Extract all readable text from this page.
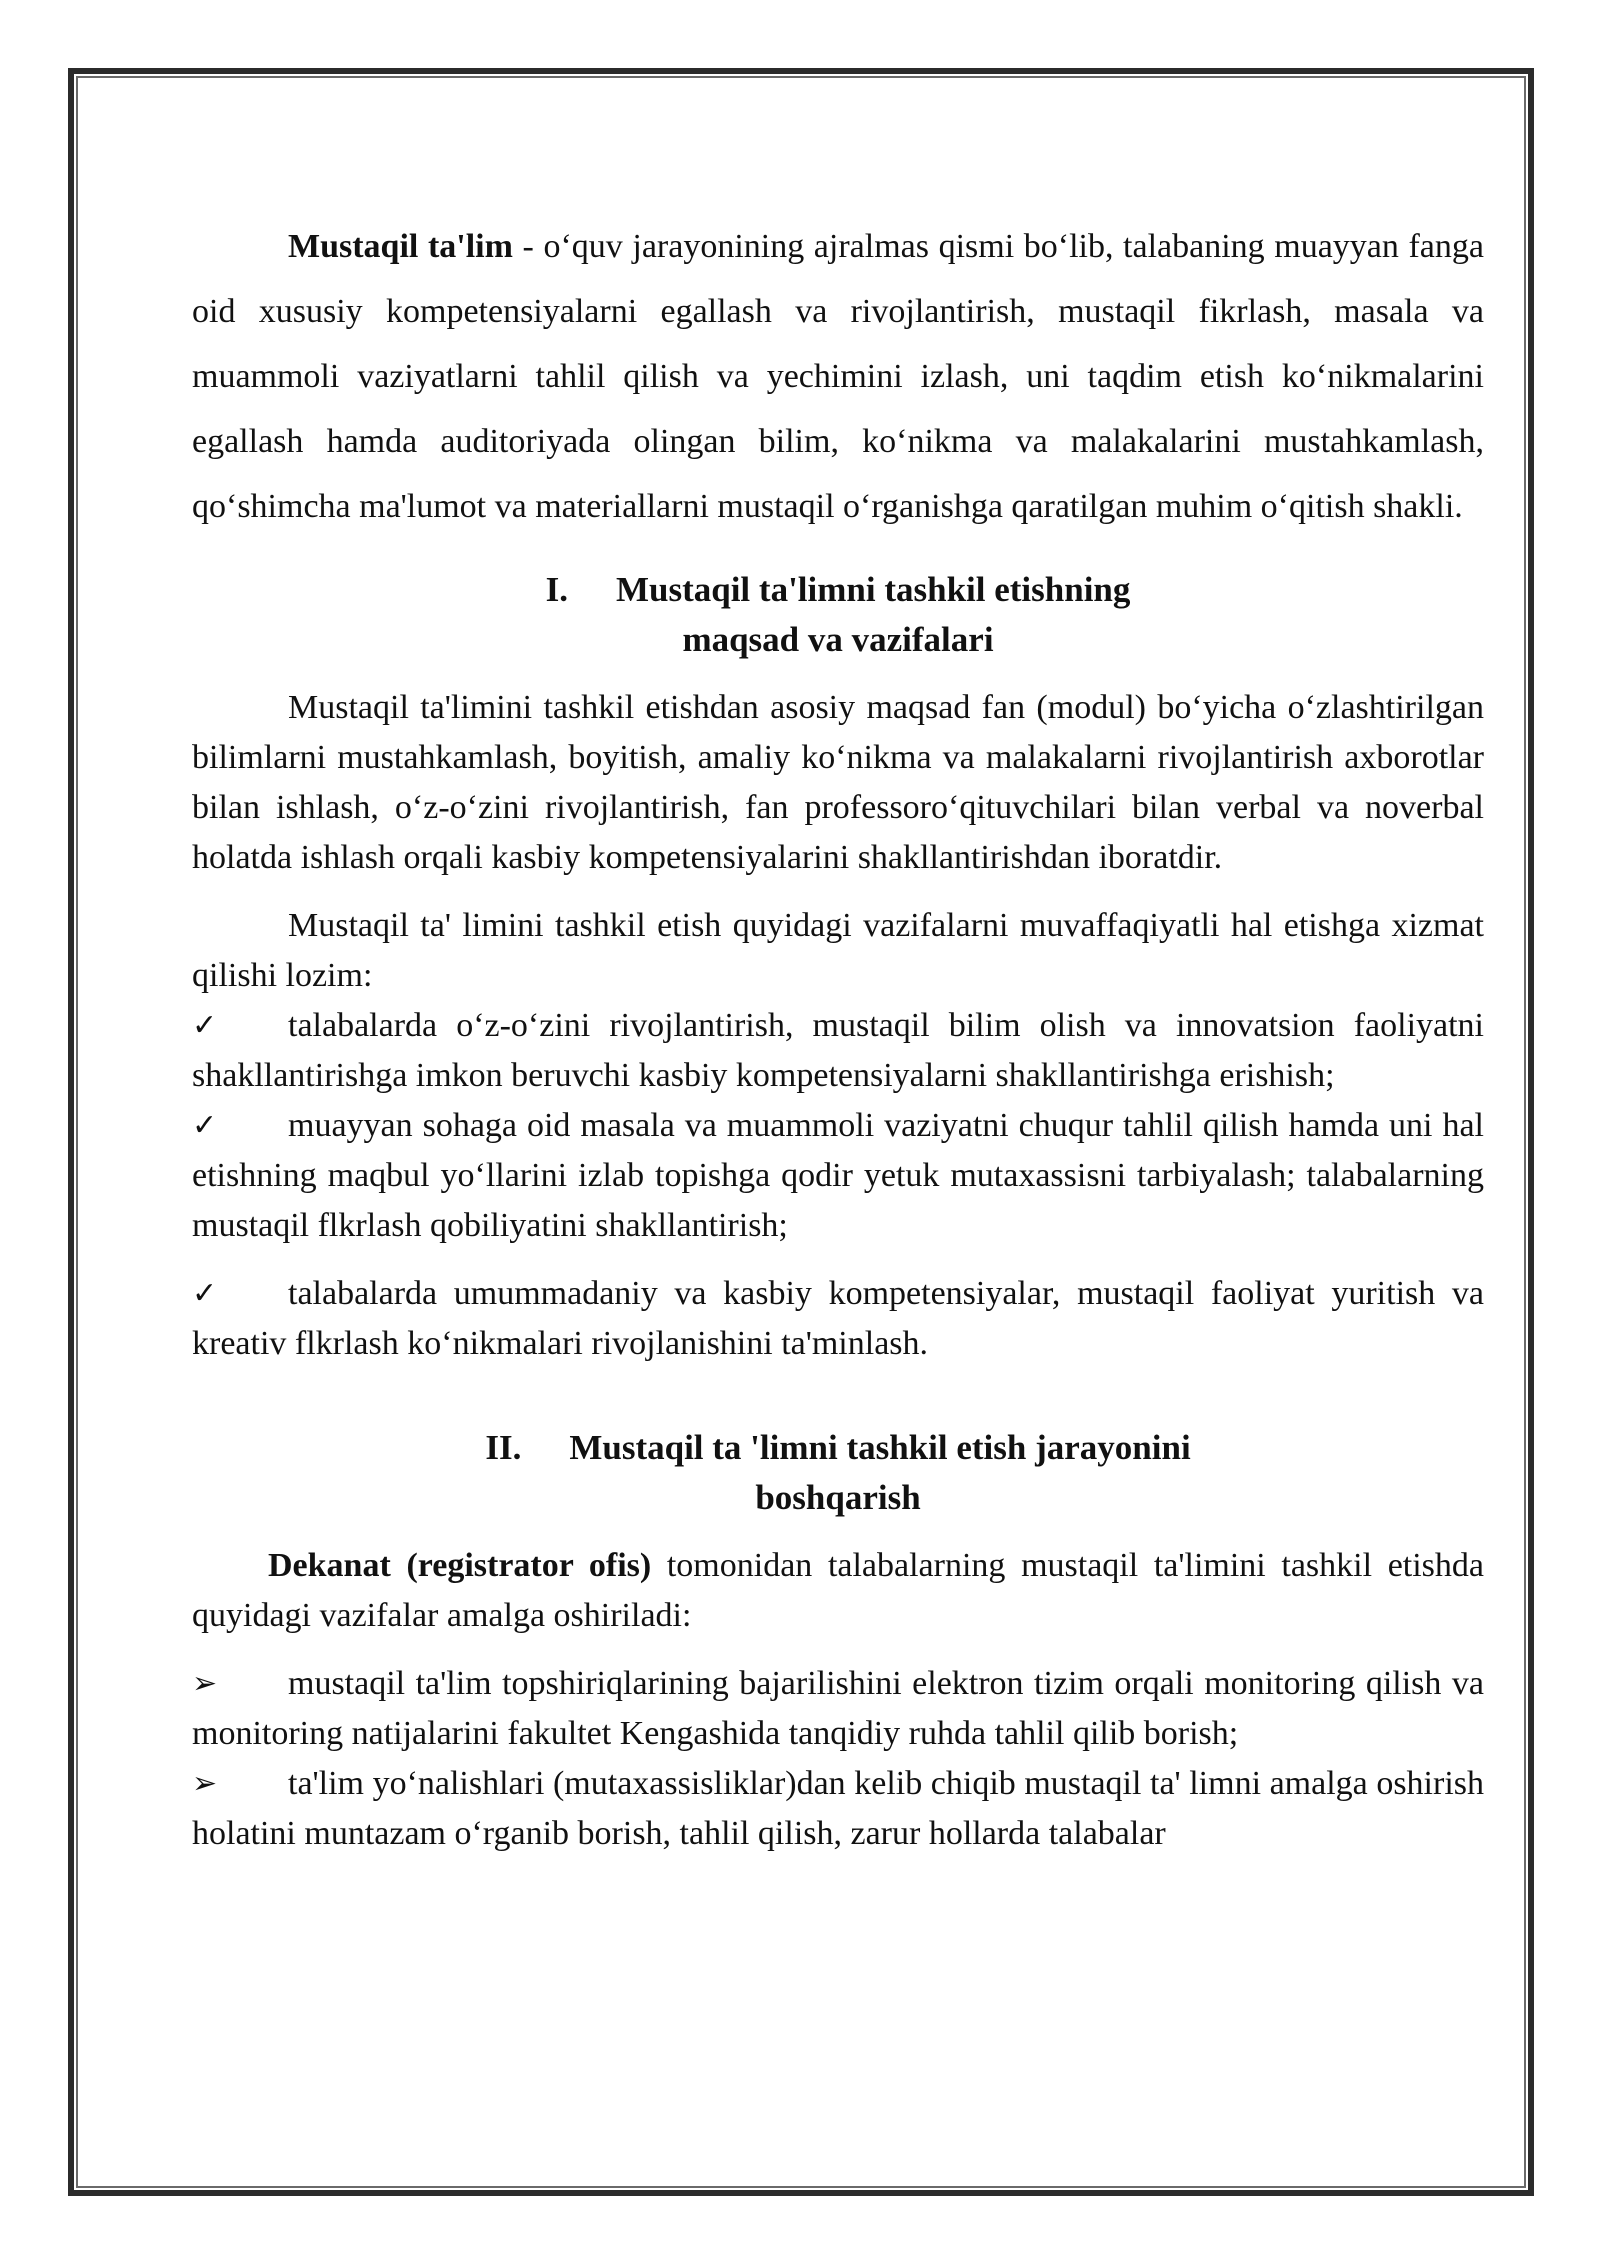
Mustaqil ta'lim - o‘quv jarayonining ajralmas qismi bo‘lib, talabaning muayyan fanga oid xususiy kompetensiyalarni egallash va rivojlantirish, mustaqil fikrlash, masala va muammoli vaziyatlarni tahlil qilish va yechimini izlash, uni taqdim etish ko‘nikmalarini egallash hamda auditoriyada olingan bilim, ko‘nikma va malakalarini mustahkamlash, qo‘shimcha ma'lumot va materiallarni mustaqil o‘rganishga qaratilgan muhim o‘qitish shakli.

I. Mustaqil ta'limni tashkil etishning
maqsad va vazifalari

Mustaqil ta'limini tashkil etishdan asosiy maqsad fan (modul) bo‘yicha o‘zlashtirilgan bilimlarni mustahkamlash, boyitish, amaliy ko‘nikma va malakalarni rivojlantirish axborotlar bilan ishlash, o‘z-o‘zini rivojlantirish, fan professoro‘qituvchilari bilan verbal va noverbal holatda ishlash orqali kasbiy kompetensiyalarini shakllantirishdan iboratdir.

Mustaqil ta' limini tashkil etish quyidagi vazifalarni muvaffaqiyatli hal etishga xizmat qilishi lozim:

✓	talabalarda o‘z-o‘zini rivojlantirish, mustaqil bilim olish va innovatsion faoliyatni shakllantirishga imkon beruvchi kasbiy kompetensiyalarni shakllantirishga erishish;

✓	muayyan sohaga oid masala va muammoli vaziyatni chuqur tahlil qilish hamda uni hal etishning maqbul yo‘llarini izlab topishga qodir yetuk mutaxassisni tarbiyalash; talabalarning mustaqil flkrlash qobiliyatini shakllantirish;

✓	talabalarda umummadaniy va kasbiy kompetensiyalar, mustaqil faoliyat yuritish va kreativ flkrlash ko‘nikmalari rivojlanishini ta'minlash.

II. Mustaqil ta 'limni tashkil etish jarayonini
boshqarish

Dekanat (registrator ofis) tomonidan talabalarning mustaqil ta'limini tashkil etishda quyidagi vazifalar amalga oshiriladi:

➢	mustaqil ta'lim topshiriqlarining bajarilishini elektron tizim orqali monitoring qilish va monitoring natijalarini fakultet Kengashida tanqidiy ruhda tahlil qilib borish;

➢	ta'lim yo‘nalishlari (mutaxassisliklar)dan kelib chiqib mustaqil ta' limni amalga oshirish holatini muntazam o‘rganib borish, tahlil qilish, zarur hollarda talabalar
